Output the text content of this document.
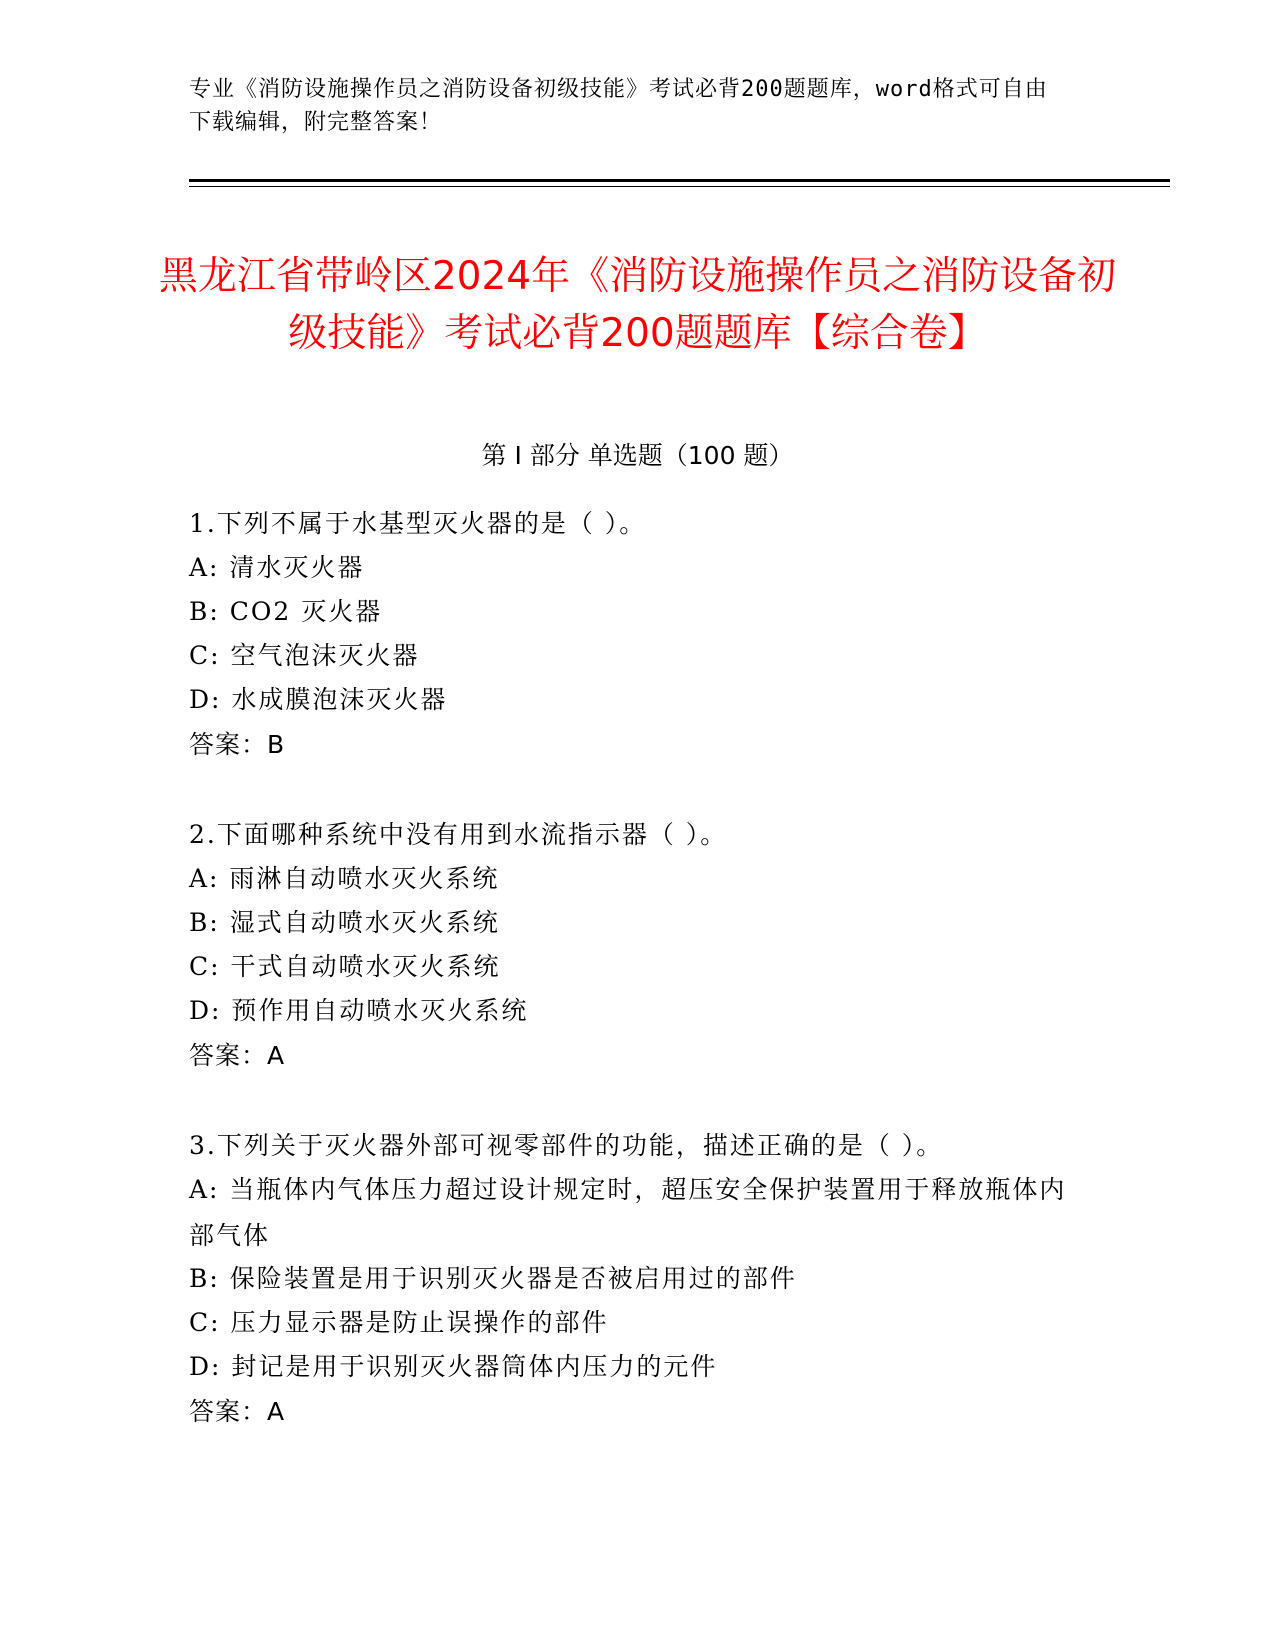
专业《消防设施操作员之消防设备初级技能》考试必背200题题库，word格式可自由下载编辑，附完整答案！
黑龙江省带岭区2024年《消防设施操作员之消防设备初级技能》考试必背200题题库【综合卷】
第 I 部分 单选题（100 题）
1.下列不属于水基型灭火器的是（ ）。
A: 清水灭火器
B: CO2 灭火器
C: 空气泡沫灭火器
D: 水成膜泡沫灭火器
答案：B
2.下面哪种系统中没有用到水流指示器（ ）。
A: 雨淋自动喷水灭火系统
B: 湿式自动喷水灭火系统
C: 干式自动喷水灭火系统
D: 预作用自动喷水灭火系统
答案：A
3.下列关于灭火器外部可视零部件的功能，描述正确的是（ ）。
A: 当瓶体内气体压力超过设计规定时，超压安全保护装置用于释放瓶体内部气体
B: 保险装置是用于识别灭火器是否被启用过的部件
C: 压力显示器是防止误操作的部件
D: 封记是用于识别灭火器筒体内压力的元件
答案：A
